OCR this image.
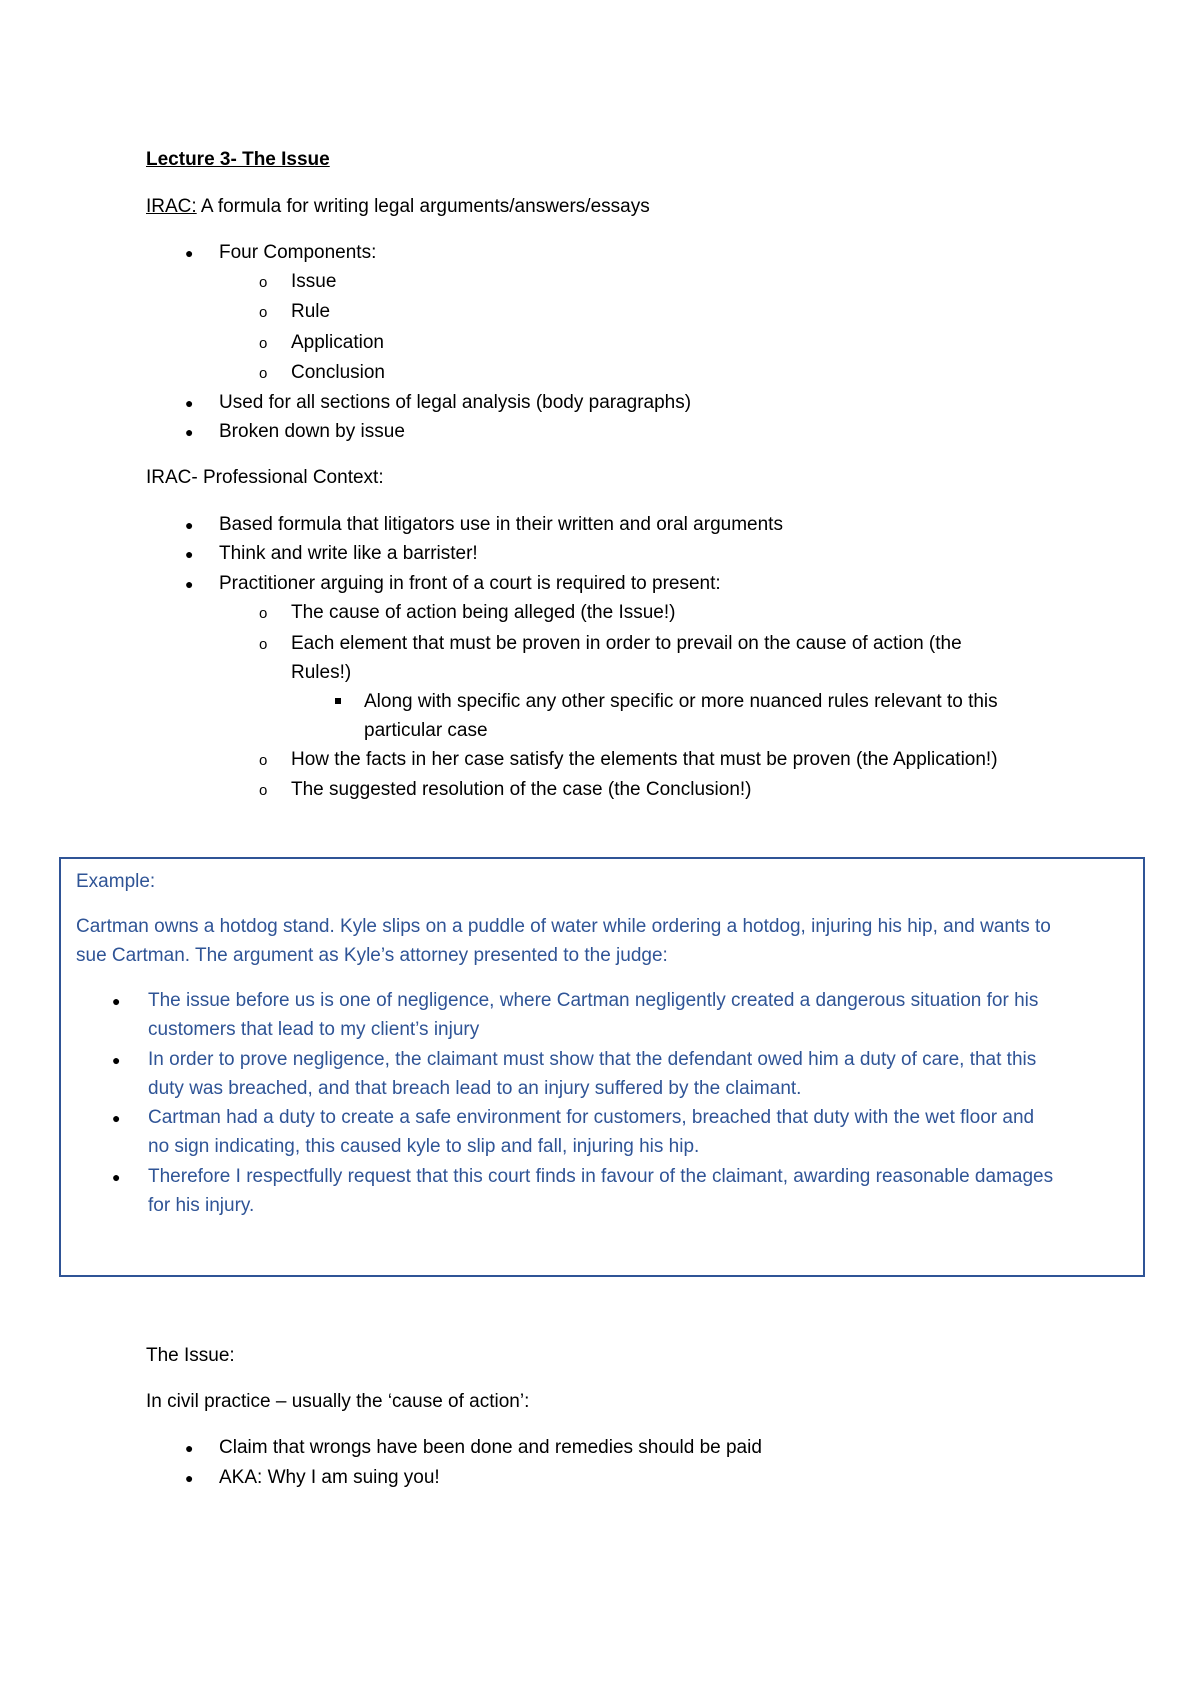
Lecture 3- The Issue
IRAC: A formula for writing legal arguments/answers/essays
● Four Components:
o Issue
o Rule
o Application
o Conclusion
● Used for all sections of legal analysis (body paragraphs)
● Broken down by issue
IRAC- Professional Context:
● Based formula that litigators use in their written and oral arguments
● Think and write like a barrister!
● Practitioner arguing in front of a court is required to present:
o The cause of action being alleged (the Issue!)
o Each element that must be proven in order to prevail on the cause of action (the
Rules!)
Along with specific any other specific or more nuanced rules relevant to this
particular case
o How the facts in her case satisfy the elements that must be proven (the Application!)
o The suggested resolution of the case (the Conclusion!)
Example:
Cartman owns a hotdog stand. Kyle slips on a puddle of water while ordering a hotdog, injuring his hip, and wants to
sue Cartman. The argument as Kyle’s attorney presented to the judge:
● The issue before us is one of negligence, where Cartman negligently created a dangerous situation for his
customers that lead to my client’s injury
● In order to prove negligence, the claimant must show that the defendant owed him a duty of care, that this
duty was breached, and that breach lead to an injury suffered by the claimant.
● Cartman had a duty to create a safe environment for customers, breached that duty with the wet floor and
no sign indicating, this caused kyle to slip and fall, injuring his hip.
● Therefore I respectfully request that this court finds in favour of the claimant, awarding reasonable damages
for his injury.
The Issue:
In civil practice – usually the ‘cause of action’:
● Claim that wrongs have been done and remedies should be paid
● AKA: Why I am suing you!
